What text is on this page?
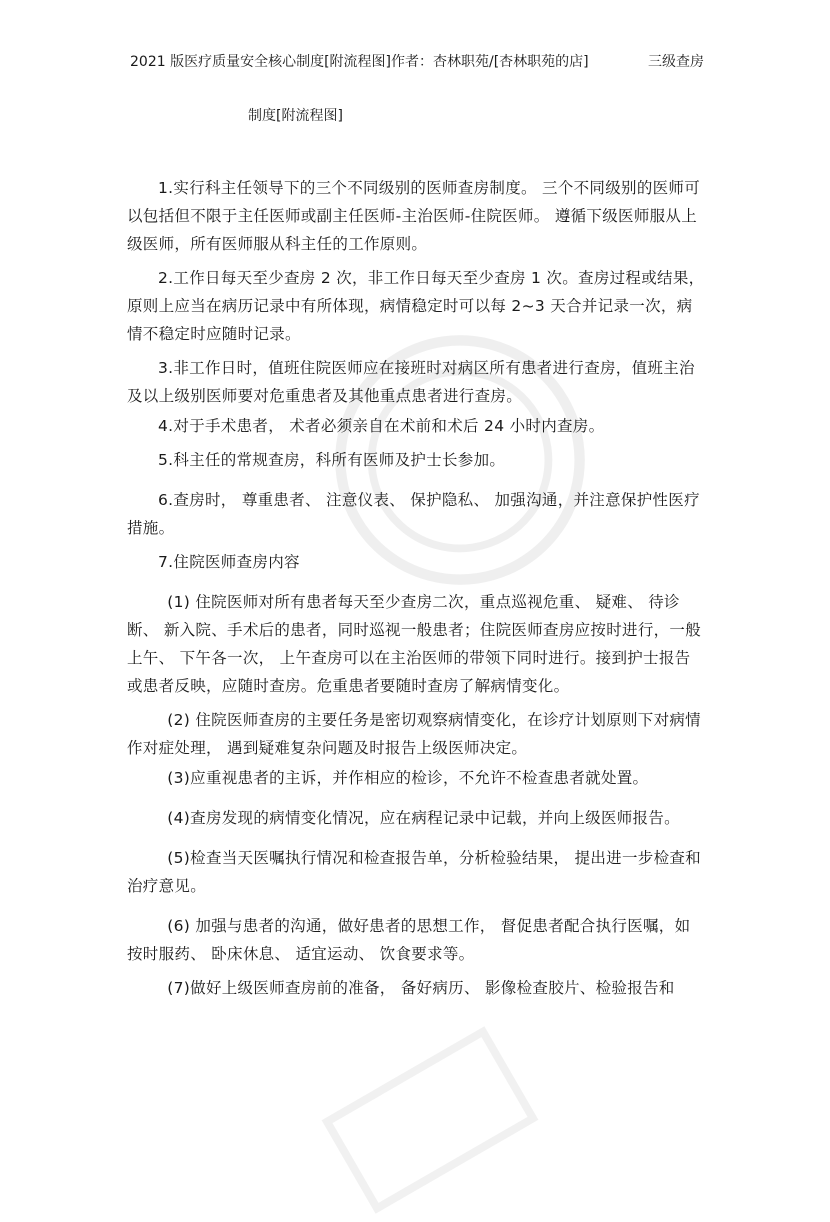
2021 版医疗质量安全核心制度[附流程图]作者：杏林职苑/[杏林职苑的店]	三级查房
制度[附流程图]

1.实行科主任领导下的三个不同级别的医师查房制度。 三个不同级别的医师可以包括但不限于主任医师或副主任医师-主治医师-住院医师。 遵循下级医师服从上级医师，所有医师服从科主任的工作原则。

2.工作日每天至少查房 2 次，非工作日每天至少查房 1 次。查房过程或结果， 原则上应当在病历记录中有所体现，病情稳定时可以每 2~3 天合并记录一次，病情不稳定时应随时记录。

3.非工作日时，值班住院医师应在接班时对病区所有患者进行查房，值班主治及以上级别医师要对危重患者及其他重点患者进行查房。

4.对于手术患者， 术者必须亲自在术前和术后 24 小时内查房。

5.科主任的常规查房，科所有医师及护士长参加。

6.查房时， 尊重患者、 注意仪表、 保护隐私、 加强沟通，并注意保护性医疗措施。

7.住院医师查房内容

(1) 住院医师对所有患者每天至少查房二次，重点巡视危重、 疑难、 待诊断、 新入院、手术后的患者，同时巡视一般患者；住院医师查房应按时进行，一般上午、 下午各一次， 上午查房可以在主治医师的带领下同时进行。接到护士报告或患者反映，应随时查房。危重患者要随时查房了解病情变化。

(2) 住院医师查房的主要任务是密切观察病情变化，在诊疗计划原则下对病情作对症处理， 遇到疑难复杂问题及时报告上级医师决定。

(3)应重视患者的主诉，并作相应的检诊，不允许不检查患者就处置。

(4)查房发现的病情变化情况，应在病程记录中记载，并向上级医师报告。

(5)检查当天医嘱执行情况和检查报告单，分析检验结果， 提出进一步检查和治疗意见。

(6) 加强与患者的沟通，做好患者的思想工作， 督促患者配合执行医嘱，如按时服药、 卧床休息、 适宜运动、 饮食要求等。

(7)做好上级医师查房前的准备， 备好病历、 影像检查胶片、检验报告和
